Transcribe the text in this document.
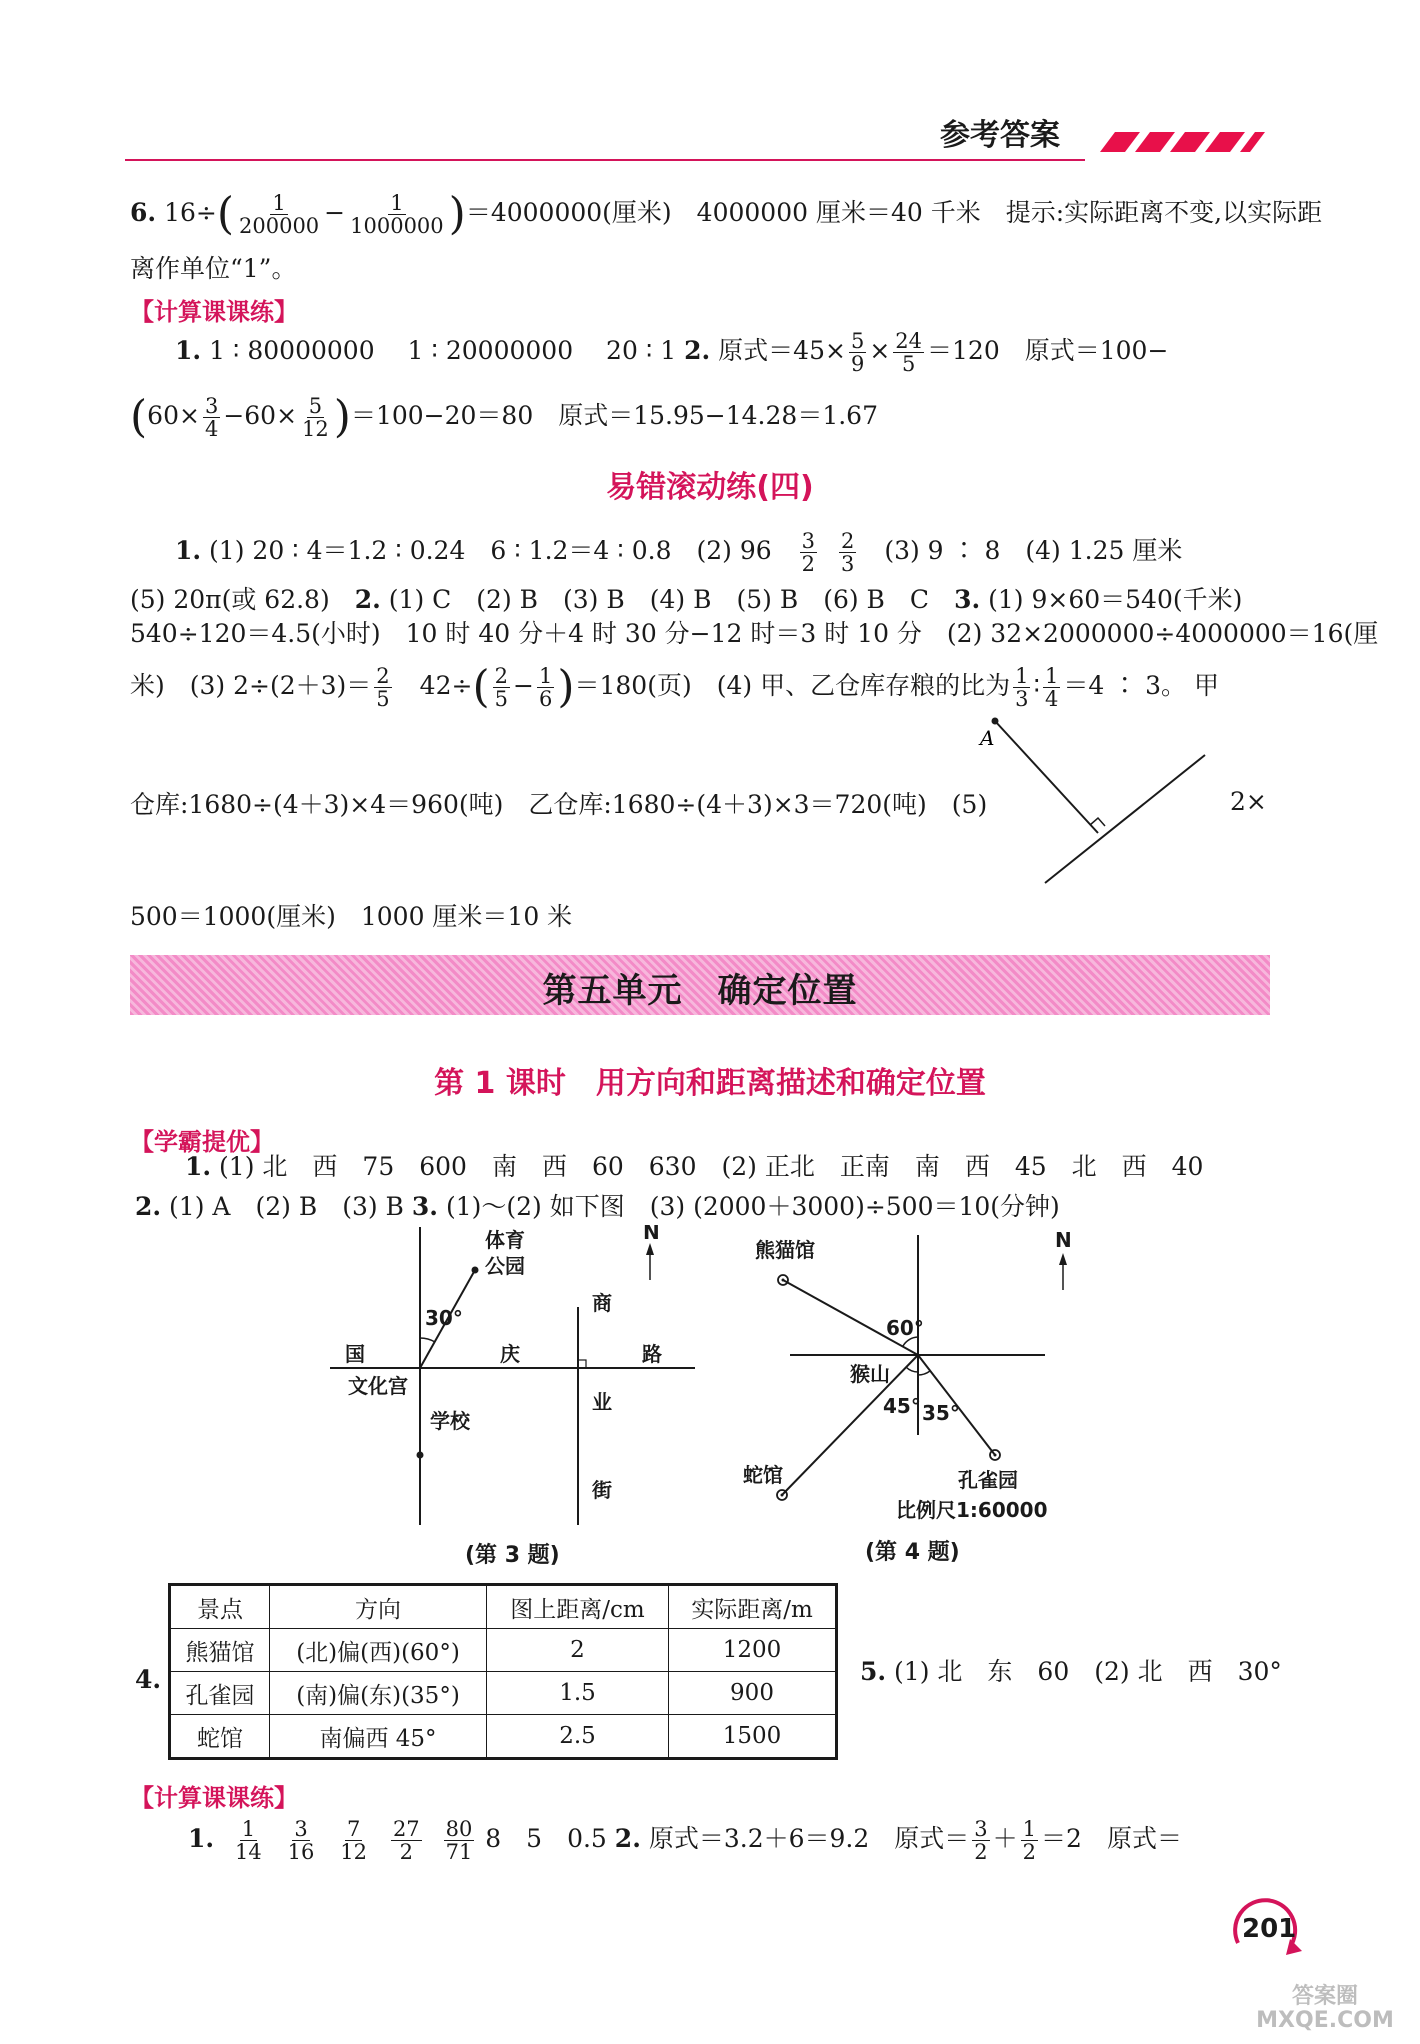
参考答案
6. $16\div( \frac{1}{200000} - \frac{1}{1000000} )=4000000$(厘米)　4000000 厘米＝40 千米　提示:实际距离不变,以实际距
离作单位“1”。
【计算课课练】
1. 1 ∶ 80000000　 1 ∶ 20000000　 20 ∶ 1 2. 原式$=45\times \frac{5}{9} \times \frac{24}{5} =120$　原式＝100−
$(60\times \frac{3}{4} -60\times \frac{5}{12} )=100-20=80$　原式＝15.95−14.28＝1.67
易错滚动练(四)
1. (1) 20 ∶ 4＝1.2 ∶ 0.24　6 ∶ 1.2＝4 ∶ 0.8　(2) 96　 $\frac{3}{2}$
$\frac{2}{3}$ 　(3) 9 ∶ 8　(4) 1.25 厘米
(5) 20π(或 62.8)　2. (1) C　(2) B　(3) B　(4) B　(5) B　(6) B　C　3. (1) 9×60＝540(千米)
540÷120＝4.5(小时)　10 时 40 分＋4 时 30 分−12 时＝3 时 10 分　(2) 32×2000000÷4000000＝16(厘
米)　(3) $2\div(2+3)= \frac{2}{5}$ 　$42\div( \frac{2}{5} - \frac{1}{6} )=180$(页)　(4) 甲、乙仓库存粮的比为 $\frac{1}{3}$ ∶ $\frac{1}{4} =4$ ∶ 3。 甲
仓库:1680÷(4＋3)×4＝960(吨)　乙仓库:1680÷(4＋3)×3＝720(吨)　(5)	2×
A
500＝1000(厘米)　1000 厘米＝10 米
第五单元　确定位置
第 1 课时　用方向和距离描述和确定位置
【学霸提优】
1. (1) 北　西　75　600　南　西　60　630　(2) 正北　正南　南　西　45　北　西　40
2. (1) A　(2) B　(3) B 3. (1)～(2) 如下图　(3) (2000＋3000)÷500＝10(分钟)
30°
体育
公园
N
国	庆	路
商
业
街
文化宫
学校
(第 3 题)
熊猫馆
60°
猴山
45° 35°
蛇馆	孔雀园
比例尺1:60000
N
(第 4 题)
4.
景点	方向	图上距离/cm	实际距离/m
熊猫馆	(北)偏(西)(60°)	2	1200
孔雀园	(南)偏(东)(35°)	1.5	900
蛇馆	南偏西 45°	2.5	1500
5. (1) 北　东　60　(2) 北　西　30°
【计算课课练】
1. $\frac{1}{14}$
$\frac{3}{16}$
$\frac{7}{12}$
$\frac{27}{2}$
$\frac{80}{71} 8$　5　0.5 2. 原式＝3.2＋6＝9.2　原式＝ $\frac{3}{2} + \frac{1}{2} =2$　原式＝
201
答案圈 MXQE.COM
